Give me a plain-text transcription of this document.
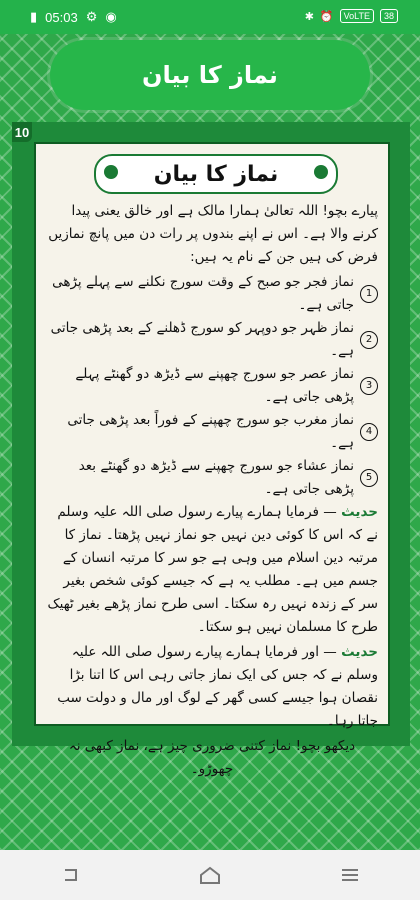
▮ 05:03 ⚙ ◉	✱ ⏰	VoLTE	38
نماز کا بیان
10
نماز کا بیان

پیارے بچو! اللہ تعالیٰ ہمارا مالک ہے اور خالق یعنی پیدا کرنے والا ہے۔ اس نے اپنے بندوں پر رات دن میں پانچ نمازیں فرض کی ہیں جن کے نام یہ ہیں:

1
نماز فجر جو صبح کے وقت سورج نکلنے سے پہلے پڑھی جاتی ہے۔
2
نماز ظہر جو دوپہر کو سورج ڈھلنے کے بعد پڑھی جاتی ہے۔
3
نماز عصر جو سورج چھپنے سے ڈیڑھ دو گھنٹے پہلے پڑھی جاتی ہے۔
4
نماز مغرب جو سورج چھپنے کے فوراً بعد پڑھی جاتی ہے۔
5
نماز عشاء جو سورج چھپنے سے ڈیڑھ دو گھنٹے بعد پڑھی جاتی ہے۔

حدیث — فرمایا ہمارے پیارے رسول صلی اللہ علیہ وسلم نے کہ اس کا کوئی دین نہیں جو نماز نہیں پڑھتا۔ نماز کا مرتبہ دین اسلام میں وہی ہے جو سر کا مرتبہ انسان کے جسم میں ہے۔ مطلب یہ ہے کہ جیسے کوئی شخص بغیر سر کے زندہ نہیں رہ سکتا۔ اسی طرح نماز پڑھے بغیر ٹھیک طرح کا مسلمان نہیں ہو سکتا۔

حدیث — اور فرمایا ہمارے پیارے رسول صلی اللہ علیہ وسلم نے کہ جس کی ایک نماز جاتی رہی اس کا اتنا بڑا نقصان ہوا جیسے کسی گھر کے لوگ اور مال و دولت سب جاتا رہا۔

دیکھو بچو! نماز کتنی ضروری چیز ہے، نماز کبھی نہ چھوڑو۔
